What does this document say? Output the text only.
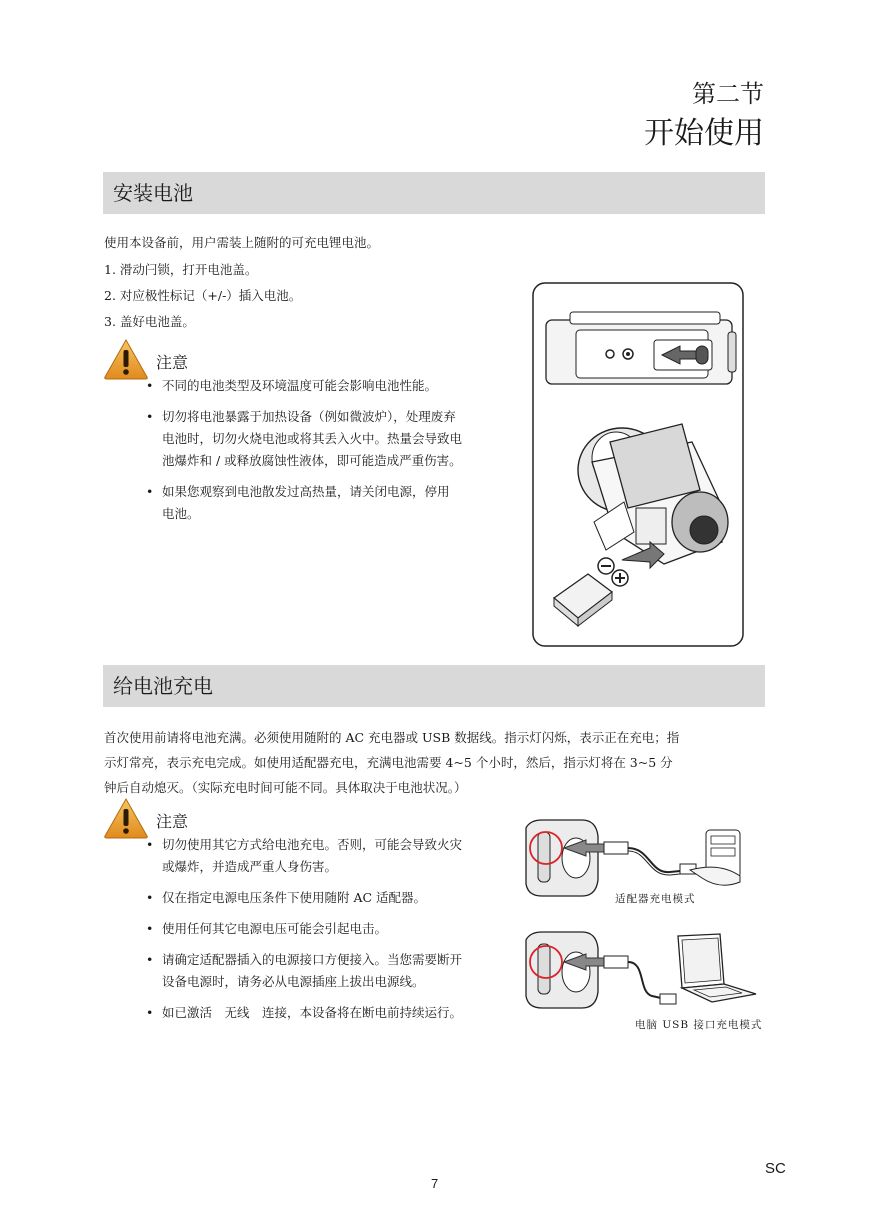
第二节
开始使用
安装电池
使用本设备前，用户需装上随附的可充电锂电池。
1. 滑动闩锁，打开电池盖。
2. 对应极性标记（+/-）插入电池。
3. 盖好电池盖。
注意
• 不同的电池类型及环境温度可能会影响电池性能。
• 切勿将电池暴露于加热设备（例如微波炉），处理废弃
电池时，切勿火烧电池或将其丢入火中。热量会导致电
池爆炸和 / 或释放腐蚀性液体，即可能造成严重伤害。
• 如果您观察到电池散发过高热量，请关闭电源，停用
电池。
给电池充电
首次使用前请将电池充满。必须使用随附的 AC 充电器或 USB 数据线。指示灯闪烁，表示正在充电；指
示灯常亮，表示充电完成。如使用适配器充电，充满电池需要 4~5 个小时，然后，指示灯将在 3~5 分
钟后自动熄灭。（实际充电时间可能不同。具体取决于电池状况。）
注意
• 切勿使用其它方式给电池充电。否则，可能会导致火灾
或爆炸，并造成严重人身伤害。
• 仅在指定电源电压条件下使用随附 AC 适配器。
• 使用任何其它电源电压可能会引起电击。
• 请确定适配器插入的电源接口方便接入。当您需要断开
设备电源时，请务必从电源插座上拔出电源线。
• 如已激活　无线　连接，本设备将在断电前持续运行。
适配器充电模式
电脑 USB 接口充电模式
SC
7
